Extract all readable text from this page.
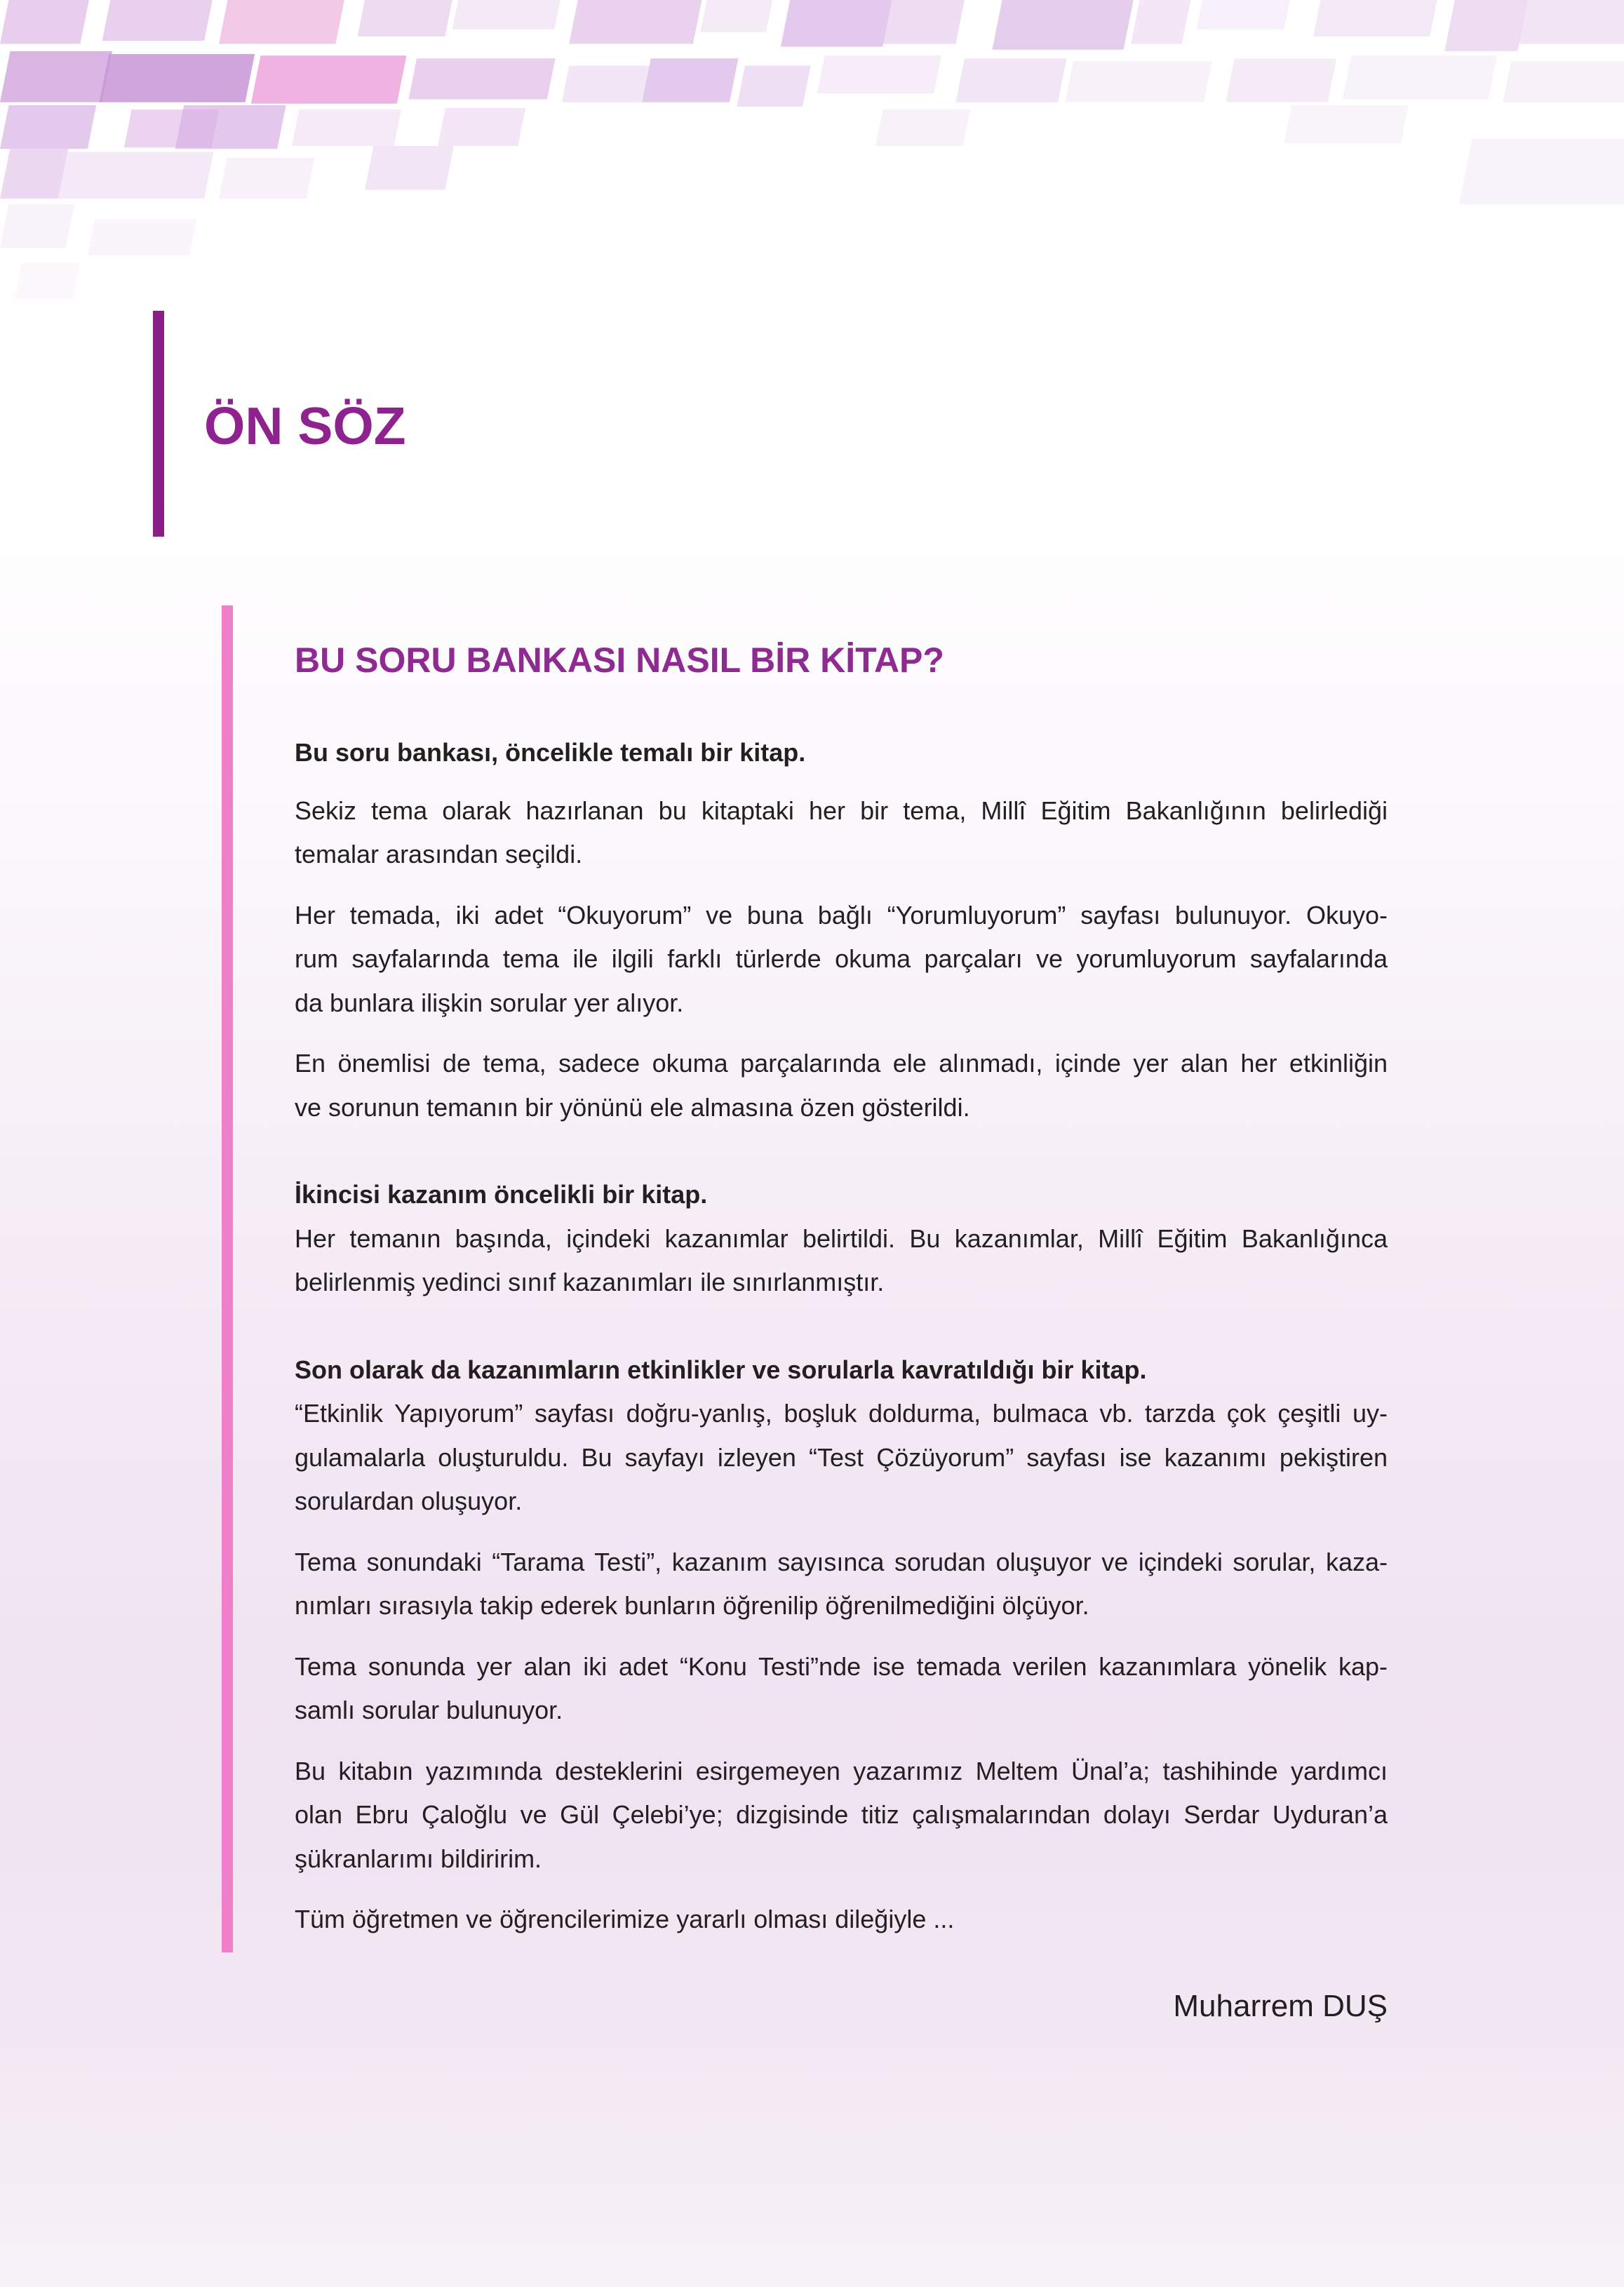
ÖN SÖZ
BU SORU BANKASI NASIL BİR KİTAP?

Bu soru bankası, öncelikle temalı bir kitap.

Sekiz tema olarak hazırlanan bu kitaptaki her bir tema, Millî Eğitim Bakanlığının belirlediği
temalar arasından seçildi.
Her temada, iki adet “Okuyorum” ve buna bağlı “Yorumluyorum” sayfası bulunuyor. Okuyo-
rum sayfalarında tema ile ilgili farklı türlerde okuma parçaları ve yorumluyorum sayfalarında
da bunlara ilişkin sorular yer alıyor.
En önemlisi de tema, sadece okuma parçalarında ele alınmadı, içinde yer alan her etkinliğin
ve sorunun temanın bir yönünü ele almasına özen gösterildi.

İkincisi kazanım öncelikli bir kitap.

Her temanın başında, içindeki kazanımlar belirtildi. Bu kazanımlar, Millî Eğitim Bakanlığınca
belirlenmiş yedinci sınıf kazanımları ile sınırlanmıştır.

Son olarak da kazanımların etkinlikler ve sorularla kavratıldığı bir kitap.

“Etkinlik Yapıyorum” sayfası doğru-yanlış, boşluk doldurma, bulmaca vb. tarzda çok çeşitli uy-
gulamalarla oluşturuldu. Bu sayfayı izleyen “Test Çözüyorum” sayfası ise kazanımı pekiştiren
sorulardan oluşuyor.
Tema sonundaki “Tarama Testi”, kazanım sayısınca sorudan oluşuyor ve içindeki sorular, kaza-
nımları sırasıyla takip ederek bunların öğrenilip öğrenilmediğini ölçüyor.
Tema sonunda yer alan iki adet “Konu Testi”nde ise temada verilen kazanımlara yönelik kap-
samlı sorular bulunuyor.
Bu kitabın yazımında desteklerini esirgemeyen yazarımız Meltem Ünal’a; tashihinde yardımcı
olan Ebru Çaloğlu ve Gül Çelebi’ye; dizgisinde titiz çalışmalarından dolayı Serdar Uyduran’a
şükranlarımı bildiririm.
Tüm öğretmen ve öğrencilerimize yararlı olması dileğiyle ...
Muharrem DUŞ
